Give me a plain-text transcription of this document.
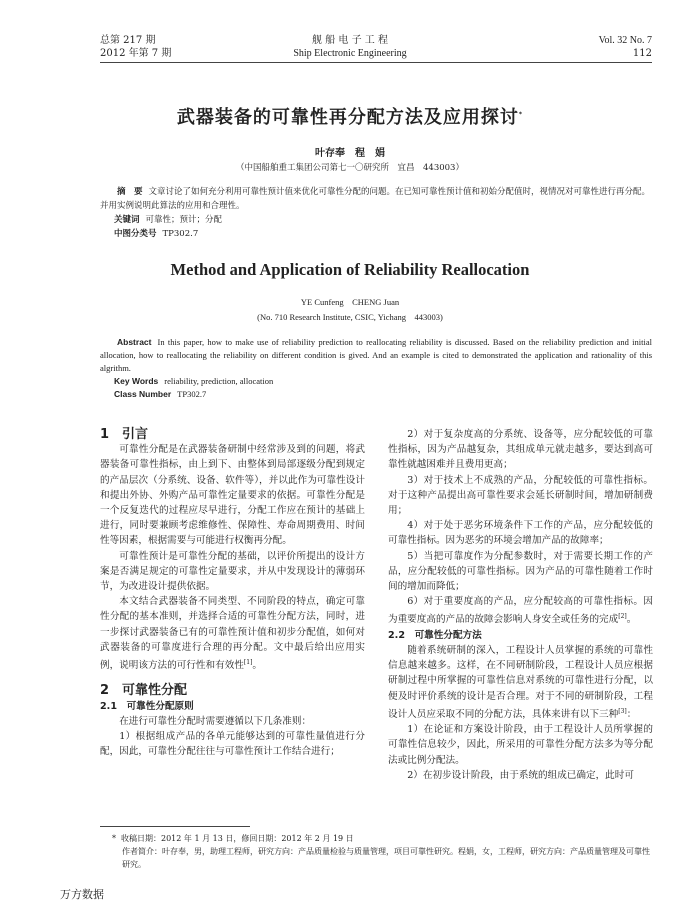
总第 217 期
2012 年第 7 期
舰 船 电 子 工 程
Ship Electronic Engineering
Vol. 32 No. 7
112
武器装备的可靠性再分配方法及应用探讨*
叶存奉　程　娟
（中国船舶重工集团公司第七一〇研究所　宜昌　443003）
摘　要 文章讨论了如何充分利用可靠性预计值来优化可靠性分配的问题。在已知可靠性预计值和初始分配值时，视情况对可靠性进行再分配。并用实例说明此算法的应用和合理性。
关键词 可靠性；预计；分配
中图分类号 TP302.7
Method and Application of Reliability Reallocation
YE Cunfeng　CHENG Juan
(No. 710 Research Institute, CSIC, Yichang　443003)
Abstract In this paper, how to make use of reliability prediction to reallocating reliability is discussed. Based on the reliability prediction and initial allocation, how to reallocating the reliability on different condition is gived. And an example is cited to demonstrated the application and rationality of this algrithm.
Key Words reliability, prediction, allocation
Class Number TP302.7

1　引言

可靠性分配是在武器装备研制中经常涉及到的问题，将武器装备可靠性指标，由上到下、由整体到局部逐级分配到规定的产品层次（分系统、设备、软件等），并以此作为可靠性设计和提出外协、外购产品可靠性定量要求的依据。可靠性分配是一个反复迭代的过程应尽早进行，分配工作应在预计的基础上进行，同时要兼顾考虑维修性、保障性、寿命周期费用、时间性等因素，根据需要与可能进行权衡再分配。

可靠性预计是可靠性分配的基础，以评价所提出的设计方案是否满足规定的可靠性定量要求，并从中发现设计的薄弱环节，为改进设计提供依据。

本文结合武器装备不同类型、不同阶段的特点，确定可靠性分配的基本准则，并选择合适的可靠性分配方法，同时，进一步探讨武器装备已有的可靠性预计值和初步分配值，如何对武器装备的可靠度进行合理的再分配。文中最后给出应用实例，说明该方法的可行性和有效性[1]。

2　可靠性分配

2.1　可靠性分配原则

在进行可靠性分配时需要遵循以下几条准则：

1）根据组成产品的各单元能够达到的可靠性量值进行分配，因此，可靠性分配往往与可靠性预计工作结合进行；

2）对于复杂度高的分系统、设备等，应分配较低的可靠性指标，因为产品越复杂，其组成单元就走越多，要达到高可靠性就越困难并且费用更高；

3）对于技术上不成熟的产品，分配较低的可靠性指标。对于这种产品提出高可靠性要求会延长研制时间，增加研制费用；

4）对于处于恶劣环境条件下工作的产品，应分配较低的可靠性指标。因为恶劣的环境会增加产品的故障率；

5）当把可靠度作为分配参数时，对于需要长期工作的产品，应分配较低的可靠性指标。因为产品的可靠性随着工作时间的增加而降低；

6）对于重要度高的产品，应分配较高的可靠性指标。因为重要度高的产品的故障会影响人身安全或任务的完成[2]。

2.2　可靠性分配方法

随着系统研制的深入，工程设计人员掌握的系统的可靠性信息越来越多。这样，在不同研制阶段，工程设计人员应根据研制过程中所掌握的可靠性信息对系统的可靠性进行分配，以便及时评价系统的设计是否合理。对于不同的研制阶段，工程设计人员应采取不同的分配方法，具体来讲有以下三种[3]：

1）在论证和方案设计阶段，由于工程设计人员所掌握的可靠性信息较少，因此，所采用的可靠性分配方法多为等分配法或比例分配法。

2）在初步设计阶段，由于系统的组成已确定，此时可

* 收稿日期：2012 年 1 月 13 日，修回日期：2012 年 2 月 19 日
作者简介：叶存奉，男，助理工程师，研究方向：产品质量检验与质量管理，项目可靠性研究。程娟，女，工程师，研究方向：产品质量管理及可靠性研究。
万方数据
